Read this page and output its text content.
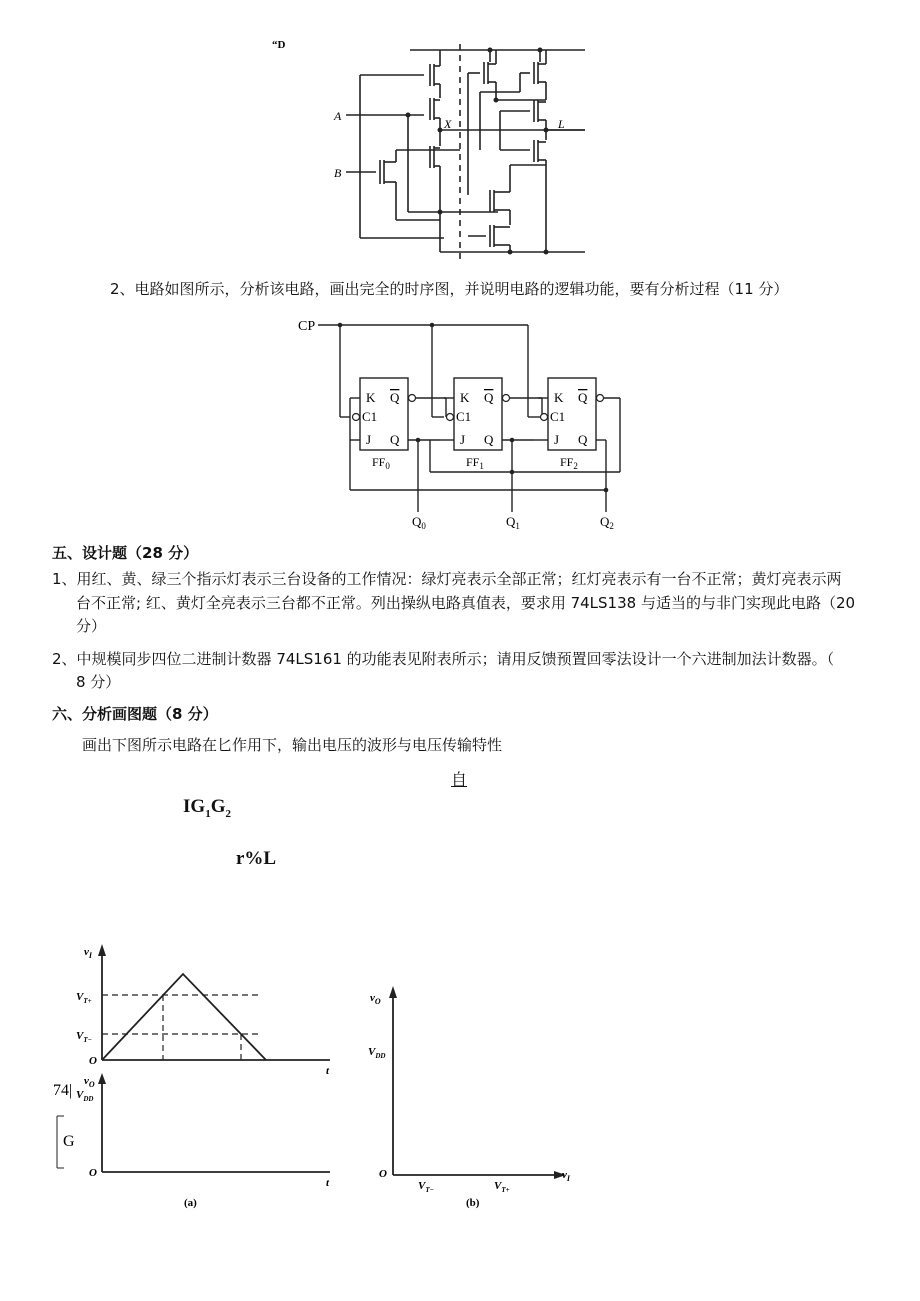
“D
A
B
X	L
2、电路如图所示，分析该电路，画出完全的时序图，并说明电路的逻辑功能，要有分析过程（11 分）
CP
K Q
C1
J Q
K Q
C1
J Q
K Q
C1
J Q
$FF_0$	$FF_1$	$FF_2$
$Q_0$	$Q_1$	$Q_2$
五、设计题（28 分）
1、用红、黄、绿三个指示灯表示三台设备的工作情况：绿灯亮表示全部正常；红灯亮表示有一台不正常；黄灯亮表示两
台不正常; 红、黄灯全亮表示三台都不正常。列出操纵电路真值表，要求用 74LS138 与适当的与非门实现此电路（20
分）
2、中规模同步四位二进制计数器 74LS161 的功能表见附表所示；请用反馈预置回零法设计一个六进制加法计数器。（
8 分）
六、分析画图题（8 分）
画出下图所示电路在匕作用下，输出电压的波形与电压传输特性
自
$IG_1G_2$
r%L
$v_I$
$V_{T+}$
$V_{T-}$
O
t
$v_O$
$V_{DD}$
O
t
74|
G
(a)
$v_O$
$V_{DD}$
O	$v_I$
$V_{T-}$	$V_{T+}$
(b)
